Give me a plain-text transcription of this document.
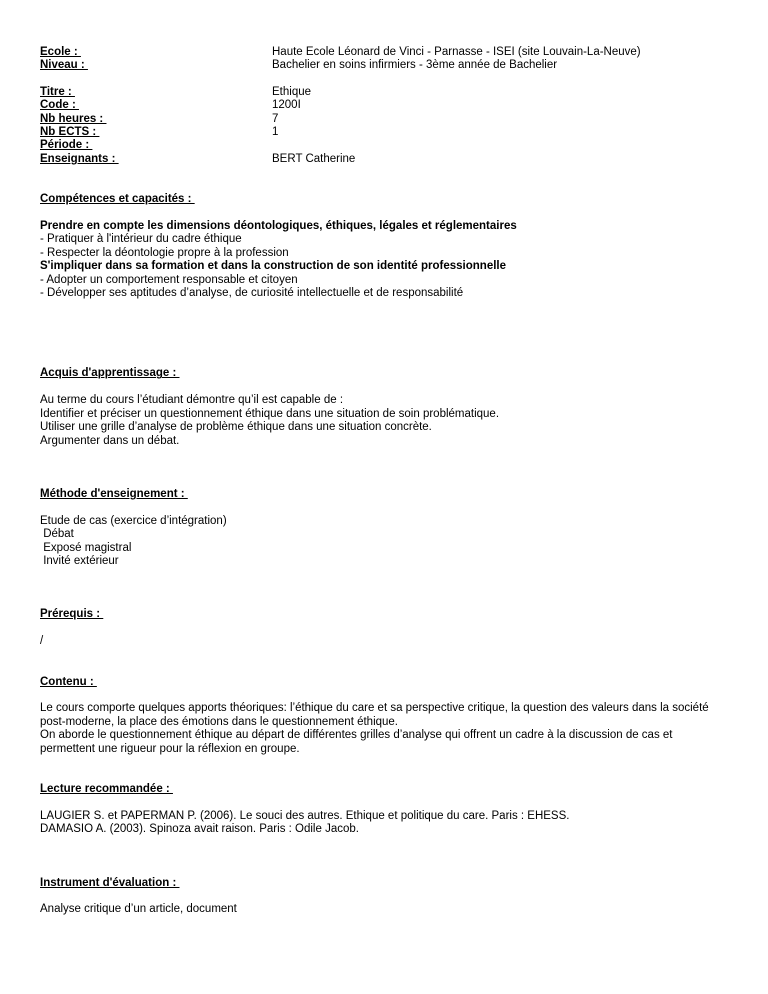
Ecole :	Haute Ecole Léonard de Vinci - Parnasse - ISEI (site Louvain-La-Neuve)
Niveau :	Bachelier en soins infirmiers - 3ème année de Bachelier
Titre :	Ethique
Code :	1200I
Nb heures :	7
Nb ECTS :	1
Période :
Enseignants :	BERT Catherine
Compétences et capacités :
Prendre en compte les dimensions déontologiques, éthiques, légales et réglementaires
- Pratiquer à l'intérieur du cadre éthique
- Respecter la déontologie propre à la profession
S'impliquer dans sa formation et dans la construction de son identité professionnelle
- Adopter un comportement responsable et citoyen
- Développer ses aptitudes d’analyse, de curiosité intellectuelle et de responsabilité
Acquis d'apprentissage :
Au terme du cours l’étudiant démontre qu’il est capable de :
Identifier et préciser un questionnement éthique dans une situation de soin problématique.
Utiliser une grille d’analyse de problème éthique dans une situation concrète.
Argumenter dans un débat.
Méthode d'enseignement :
Etude de cas (exercice d’intégration)
Débat
Exposé magistral
Invité extérieur
Prérequis :
/
Contenu :
Le cours comporte quelques apports théoriques: l’éthique du care et sa perspective critique, la question des valeurs dans la société post-moderne, la place des émotions dans le questionnement éthique.
On aborde le questionnement éthique au départ de différentes grilles d’analyse qui offrent un cadre à la discussion de cas et permettent une rigueur pour la réflexion en groupe.
Lecture recommandée :
LAUGIER S. et PAPERMAN P. (2006). Le souci des autres. Ethique et politique du care. Paris : EHESS.
DAMASIO A. (2003). Spinoza avait raison. Paris : Odile Jacob.
Instrument d'évaluation :
Analyse critique d’un article, document
